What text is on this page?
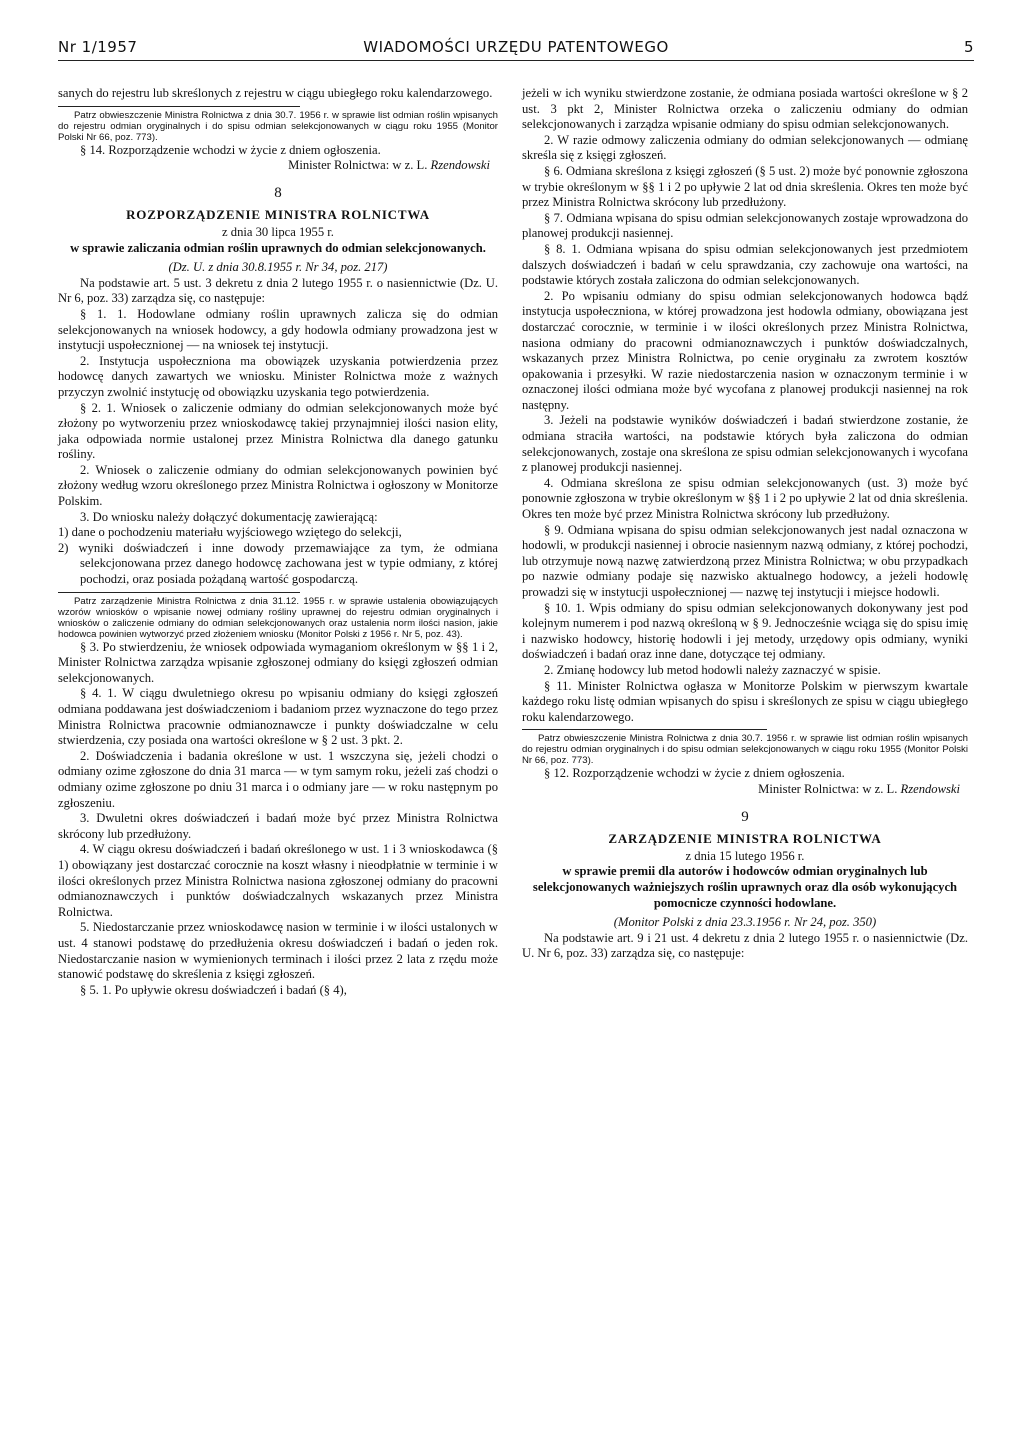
Nr 1/1957	WIADOMOŚCI URZĘDU PATENTOWEGO	5

sanych do rejestru lub skreślonych z rejestru w ciągu ubiegłego roku kalendarzowego.

Patrz obwieszczenie Ministra Rolnictwa z dnia 30.7. 1956 r. w sprawie list odmian roślin wpisanych do rejestru odmian oryginalnych i do spisu odmian selekcjonowanych w ciągu roku 1955 (Monitor Polski Nr 66, poz. 773).

§ 14. Rozporządzenie wchodzi w życie z dniem ogłoszenia.

Minister Rolnictwa: w z. L. Rzendowski

8

ROZPORZĄDZENIE MINISTRA ROLNICTWA

z dnia 30 lipca 1955 r.

w sprawie zaliczania odmian roślin uprawnych do odmian selekcjonowanych.

(Dz. U. z dnia 30.8.1955 r. Nr 34, poz. 217)

Na podstawie art. 5 ust. 3 dekretu z dnia 2 lutego 1955 r. o nasiennictwie (Dz. U. Nr 6, poz. 33) zarządza się, co następuje:

§ 1. 1. Hodowlane odmiany roślin uprawnych zalicza się do odmian selekcjonowanych na wniosek hodowcy, a gdy hodowla odmiany prowadzona jest w instytucji uspołecznionej — na wniosek tej instytucji.

2. Instytucja uspołeczniona ma obowiązek uzyskania potwierdzenia przez hodowcę danych zawartych we wniosku. Minister Rolnictwa może z ważnych przyczyn zwolnić instytucję od obowiązku uzyskania tego potwierdzenia.

§ 2. 1. Wniosek o zaliczenie odmiany do odmian selekcjonowanych może być złożony po wytworzeniu przez wnioskodawcę takiej przynajmniej ilości nasion elity, jaka odpowiada normie ustalonej przez Ministra Rolnictwa dla danego gatunku rośliny.

2. Wniosek o zaliczenie odmiany do odmian selekcjonowanych powinien być złożony według wzoru określonego przez Ministra Rolnictwa i ogłoszony w Monitorze Polskim.

3. Do wniosku należy dołączyć dokumentację zawierającą:

1) dane o pochodzeniu materiału wyjściowego wziętego do selekcji,

2) wyniki doświadczeń i inne dowody przemawiające za tym, że odmiana selekcjonowana przez danego hodowcę zachowana jest w typie odmiany, z której pochodzi, oraz posiada pożądaną wartość gospodarczą.

Patrz zarządzenie Ministra Rolnictwa z dnia 31.12. 1955 r. w sprawie ustalenia obowiązujących wzorów wniosków o wpisanie nowej odmiany rośliny uprawnej do rejestru odmian oryginalnych i wniosków o zaliczenie odmiany do odmian selekcjonowanych oraz ustalenia norm ilości nasion, jakie hodowca powinien wytworzyć przed złożeniem wniosku (Monitor Polski z 1956 r. Nr 5, poz. 43).

§ 3. Po stwierdzeniu, że wniosek odpowiada wymaganiom określonym w §§ 1 i 2, Minister Rolnictwa zarządza wpisanie zgłoszonej odmiany do księgi zgłoszeń odmian selekcjonowanych.

§ 4. 1. W ciągu dwuletniego okresu po wpisaniu odmiany do księgi zgłoszeń odmiana poddawana jest doświadczeniom i badaniom przez wyznaczone do tego przez Ministra Rolnictwa pracownie odmianoznawcze i punkty doświadczalne w celu stwierdzenia, czy posiada ona wartości określone w § 2 ust. 3 pkt. 2.

2. Doświadczenia i badania określone w ust. 1 wszczyna się, jeżeli chodzi o odmiany ozime zgłoszone do dnia 31 marca — w tym samym roku, jeżeli zaś chodzi o odmiany ozime zgłoszone po dniu 31 marca i o odmiany jare — w roku następnym po zgłoszeniu.

3. Dwuletni okres doświadczeń i badań może być przez Ministra Rolnictwa skrócony lub przedłużony.

4. W ciągu okresu doświadczeń i badań określonego w ust. 1 i 3 wnioskodawca (§ 1) obowiązany jest dostarczać corocznie na koszt własny i nieodpłatnie w terminie i w ilości określonych przez Ministra Rolnictwa nasiona zgłoszonej odmiany do pracowni odmianoznawczych i punktów doświadczalnych wskazanych przez Ministra Rolnictwa.

5. Niedostarczanie przez wnioskodawcę nasion w terminie i w ilości ustalonych w ust. 4 stanowi podstawę do przedłużenia okresu doświadczeń i badań o jeden rok. Niedostarczanie nasion w wymienionych terminach i ilości przez 2 lata z rzędu może stanowić podstawę do skreślenia z księgi zgłoszeń.

§ 5. 1. Po upływie okresu doświadczeń i badań (§ 4),

jeżeli w ich wyniku stwierdzone zostanie, że odmiana posiada wartości określone w § 2 ust. 3 pkt 2, Minister Rolnictwa orzeka o zaliczeniu odmiany do odmian selekcjonowanych i zarządza wpisanie odmiany do spisu odmian selekcjonowanych.

2. W razie odmowy zaliczenia odmiany do odmian selekcjonowanych — odmianę skreśla się z księgi zgłoszeń.

§ 6. Odmiana skreślona z księgi zgłoszeń (§ 5 ust. 2) może być ponownie zgłoszona w trybie określonym w §§ 1 i 2 po upływie 2 lat od dnia skreślenia. Okres ten może być przez Ministra Rolnictwa skrócony lub przedłużony.

§ 7. Odmiana wpisana do spisu odmian selekcjonowanych zostaje wprowadzona do planowej produkcji nasiennej.

§ 8. 1. Odmiana wpisana do spisu odmian selekcjonowanych jest przedmiotem dalszych doświadczeń i badań w celu sprawdzania, czy zachowuje ona wartości, na podstawie których została zaliczona do odmian selekcjonowanych.

2. Po wpisaniu odmiany do spisu odmian selekcjonowanych hodowca bądź instytucja uspołeczniona, w której prowadzona jest hodowla odmiany, obowiązana jest dostarczać corocznie, w terminie i w ilości określonych przez Ministra Rolnictwa, nasiona odmiany do pracowni odmianoznawczych i punktów doświadczalnych, wskazanych przez Ministra Rolnictwa, po cenie oryginału za zwrotem kosztów opakowania i przesyłki. W razie niedostarczenia nasion w oznaczonym terminie i w oznaczonej ilości odmiana może być wycofana z planowej produkcji nasiennej na rok następny.

3. Jeżeli na podstawie wyników doświadczeń i badań stwierdzone zostanie, że odmiana straciła wartości, na podstawie których była zaliczona do odmian selekcjonowanych, zostaje ona skreślona ze spisu odmian selekcjonowanych i wycofana z planowej produkcji nasiennej.

4. Odmiana skreślona ze spisu odmian selekcjonowanych (ust. 3) może być ponownie zgłoszona w trybie określonym w §§ 1 i 2 po upływie 2 lat od dnia skreślenia. Okres ten może być przez Ministra Rolnictwa skrócony lub przedłużony.

§ 9. Odmiana wpisana do spisu odmian selekcjonowanych jest nadal oznaczona w hodowli, w produkcji nasiennej i obrocie nasiennym nazwą odmiany, z której pochodzi, lub otrzymuje nową nazwę zatwierdzoną przez Ministra Rolnictwa; w obu przypadkach po nazwie odmiany podaje się nazwisko aktualnego hodowcy, a jeżeli hodowlę prowadzi się w instytucji uspołecznionej — nazwę tej instytucji i miejsce hodowli.

§ 10. 1. Wpis odmiany do spisu odmian selekcjonowanych dokonywany jest pod kolejnym numerem i pod nazwą określoną w § 9. Jednocześnie wciąga się do spisu imię i nazwisko hodowcy, historię hodowli i jej metody, urzędowy opis odmiany, wyniki doświadczeń i badań oraz inne dane, dotyczące tej odmiany.

2. Zmianę hodowcy lub metod hodowli należy zaznaczyć w spisie.

§ 11. Minister Rolnictwa ogłasza w Monitorze Polskim w pierwszym kwartale każdego roku listę odmian wpisanych do spisu i skreślonych ze spisu w ciągu ubiegłego roku kalendarzowego.

Patrz obwieszczenie Ministra Rolnictwa z dnia 30.7. 1956 r. w sprawie list odmian roślin wpisanych do rejestru odmian oryginalnych i do spisu odmian selekcjonowanych w ciągu roku 1955 (Monitor Polski Nr 66, poz. 773).

§ 12. Rozporządzenie wchodzi w życie z dniem ogłoszenia.

Minister Rolnictwa: w z. L. Rzendowski

9

ZARZĄDZENIE MINISTRA ROLNICTWA

z dnia 15 lutego 1956 r.

w sprawie premii dla autorów i hodowców odmian oryginalnych lub selekcjonowanych ważniejszych roślin uprawnych oraz dla osób wykonujących pomocnicze czynności hodowlane.

(Monitor Polski z dnia 23.3.1956 r. Nr 24, poz. 350)

Na podstawie art. 9 i 21 ust. 4 dekretu z dnia 2 lutego 1955 r. o nasiennictwie (Dz. U. Nr 6, poz. 33) zarządza się, co następuje:
